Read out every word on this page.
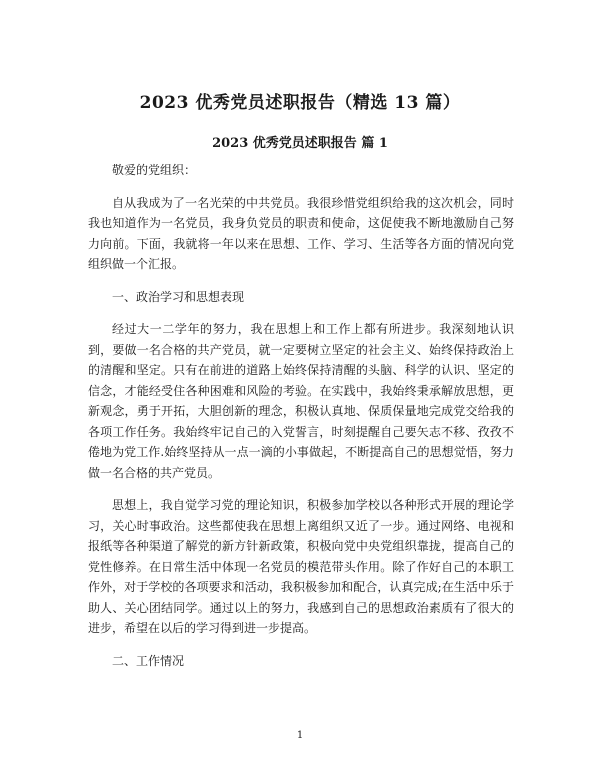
2023 优秀党员述职报告（精选 13 篇）
2023 优秀党员述职报告 篇 1

敬爱的党组织：

自从我成为了一名光荣的中共党员。我很珍惜党组织给我的这次机会，同时我也知道作为一名党员，我身负党员的职责和使命，这促使我不断地激励自己努力向前。下面，我就将一年以来在思想、工作、学习、生活等各方面的情况向党组织做一个汇报。

一、政治学习和思想表现

经过大一二学年的努力，我在思想上和工作上都有所进步。我深刻地认识到，要做一名合格的共产党员，就一定要树立坚定的社会主义、始终保持政治上的清醒和坚定。只有在前进的道路上始终保持清醒的头脑、科学的认识、坚定的信念，才能经受住各种困难和风险的考验。在实践中，我始终秉承解放思想，更新观念，勇于开拓，大胆创新的理念，积极认真地、保质保量地完成党交给我的各项工作任务。我始终牢记自己的入党誓言，时刻提醒自己要矢志不移、孜孜不倦地为党工作.始终坚持从一点一滴的小事做起，不断提高自己的思想觉悟，努力做一名合格的共产党员。

思想上，我自觉学习党的理论知识，积极参加学校以各种形式开展的理论学习，关心时事政治。这些都使我在思想上离组织又近了一步。通过网络、电视和报纸等各种渠道了解党的新方针新政策，积极向党中央党组织靠拢，提高自己的党性修养。在日常生活中体现一名党员的模范带头作用。除了作好自己的本职工作外，对于学校的各项要求和活动，我积极参加和配合，认真完成;在生活中乐于助人、关心团结同学。通过以上的努力，我感到自己的思想政治素质有了很大的进步，希望在以后的学习得到进一步提高。

二、工作情况

1
